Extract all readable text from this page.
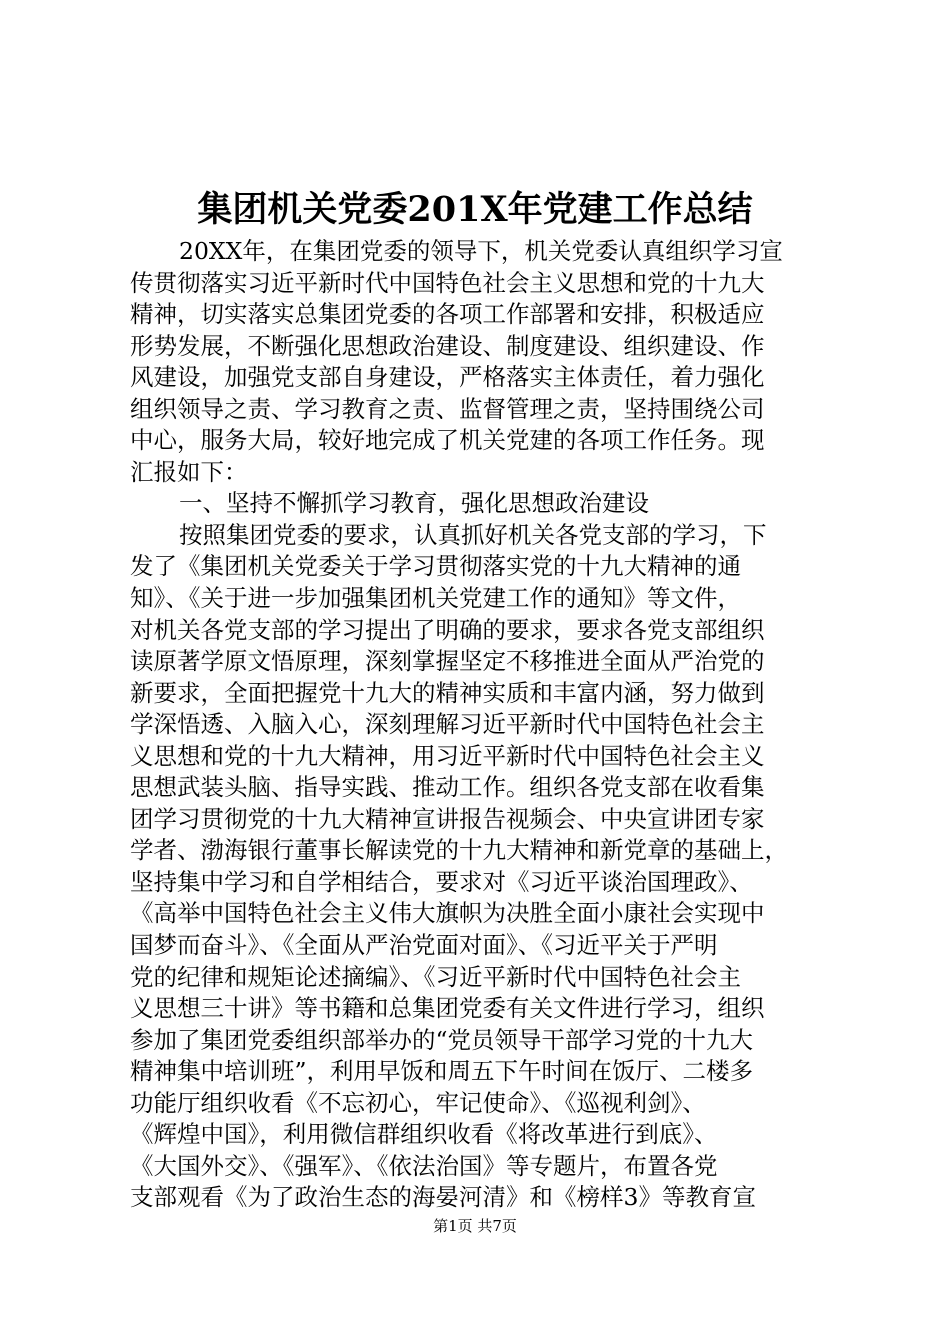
集团机关党委201X年党建工作总结
20XX年，在集团党委的领导下，机关党委认真组织学习宣
传贯彻落实习近平新时代中国特色社会主义思想和党的十九大
精神，切实落实总集团党委的各项工作部署和安排，积极适应
形势发展，不断强化思想政治建设、制度建设、组织建设、作
风建设，加强党支部自身建设，严格落实主体责任，着力强化
组织领导之责、学习教育之责、监督管理之责，坚持围绕公司
中心，服务大局，较好地完成了机关党建的各项工作任务。现
汇报如下：
一、坚持不懈抓学习教育，强化思想政治建设
按照集团党委的要求，认真抓好机关各党支部的学习，下
发了《集团机关党委关于学习贯彻落实党的十九大精神的通
知》、《关于进一步加强集团机关党建工作的通知》等文件，
对机关各党支部的学习提出了明确的要求，要求各党支部组织
读原著学原文悟原理，深刻掌握坚定不移推进全面从严治党的
新要求，全面把握党十九大的精神实质和丰富内涵，努力做到
学深悟透、入脑入心，深刻理解习近平新时代中国特色社会主
义思想和党的十九大精神，用习近平新时代中国特色社会主义
思想武装头脑、指导实践、推动工作。组织各党支部在收看集
团学习贯彻党的十九大精神宣讲报告视频会、中央宣讲团专家
学者、渤海银行董事长解读党的十九大精神和新党章的基础上，
坚持集中学习和自学相结合，要求对《习近平谈治国理政》、
《高举中国特色社会主义伟大旗帜为决胜全面小康社会实现中
国梦而奋斗》、《全面从严治党面对面》、《习近平关于严明
党的纪律和规矩论述摘编》、《习近平新时代中国特色社会主
义思想三十讲》等书籍和总集团党委有关文件进行学习，组织
参加了集团党委组织部举办的“党员领导干部学习党的十九大
精神集中培训班”，利用早饭和周五下午时间在饭厅、二楼多
功能厅组织收看《不忘初心，牢记使命》、《巡视利剑》、
《辉煌中国》，利用微信群组织收看《将改革进行到底》、
《大国外交》、《强军》、《依法治国》等专题片，布置各党
支部观看《为了政治生态的海晏河清》和《榜样3》等教育宣
第1页 共7页
